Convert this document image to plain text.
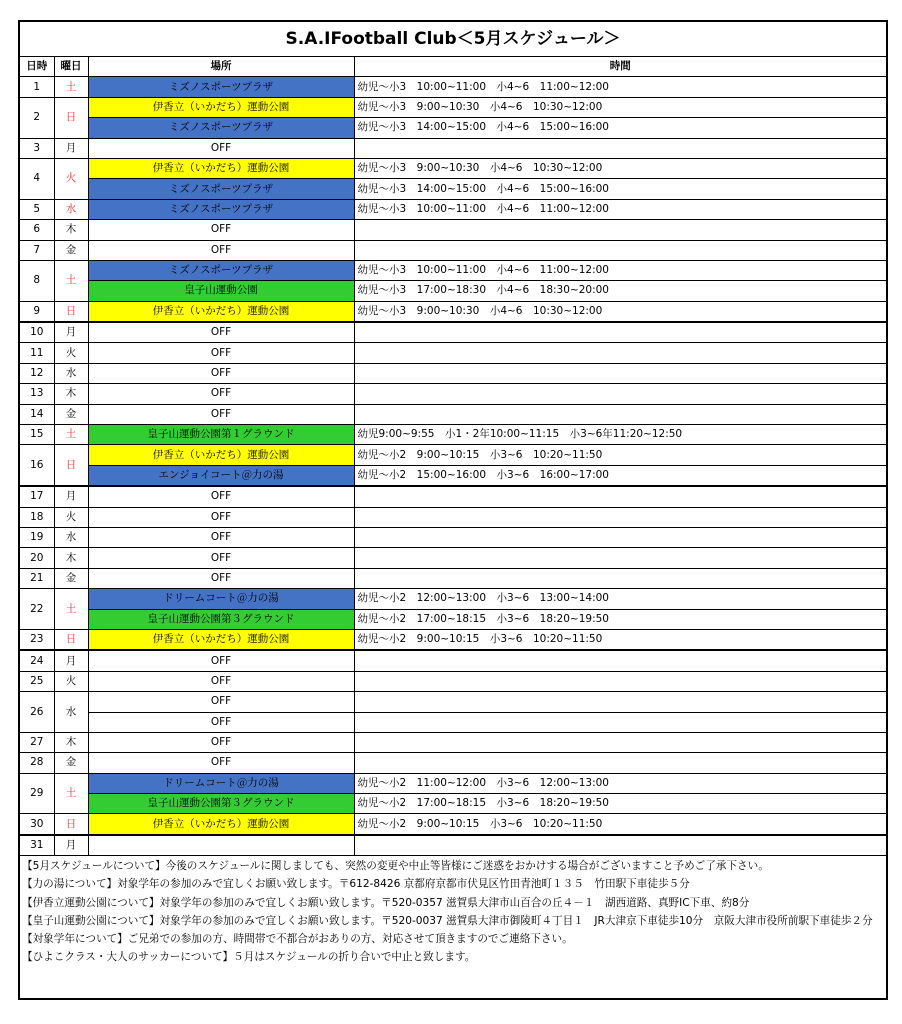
S.A.IFootball Club＜5月スケジュール＞
日時	曜日	場所	時間
1	土	ミズノスポーツプラザ	幼児～小3　10:00~11:00　小4~6　11:00~12:00
2	日	伊香立（いかだち）運動公園	幼児～小3　9:00~10:30　小4~6　10:30~12:00
		ミズノスポーツプラザ	幼児～小3　14:00~15:00　小4~6　15:00~16:00
3	月	OFF	
4	火	伊香立（いかだち）運動公園	幼児～小3　9:00~10:30　小4~6　10:30~12:00
		ミズノスポーツプラザ	幼児～小3　14:00~15:00　小4~6　15:00~16:00
5	水	ミズノスポーツプラザ	幼児～小3　10:00~11:00　小4~6　11:00~12:00
6	木	OFF	
7	金	OFF	
8	土	ミズノスポーツプラザ	幼児～小3　10:00~11:00　小4~6　11:00~12:00
		皇子山運動公園	幼児～小3　17:00~18:30　小4~6　18:30~20:00
9	日	伊香立（いかだち）運動公園	幼児～小3　9:00~10:30　小4~6　10:30~12:00
10	月	OFF	
11	火	OFF	
12	水	OFF	
13	木	OFF	
14	金	OFF	
15	土	皇子山運動公園第１グラウンド	幼児9:00~9:55　小1・2年10:00~11:15　小3~6年11:20~12:50
16	日	伊香立（いかだち）運動公園	幼児～小2　9:00~10:15　小3~6　10:20~11:50
		エンジョイコート＠力の湯	幼児～小2　15:00~16:00　小3~6　16:00~17:00
17	月	OFF	
18	火	OFF	
19	水	OFF	
20	木	OFF	
21	金	OFF	
22	土	ドリームコート＠力の湯	幼児～小2　12:00~13:00　小3~6　13:00~14:00
		皇子山運動公園第３グラウンド	幼児～小2　17:00~18:15　小3~6　18:20~19:50
23	日	伊香立（いかだち）運動公園	幼児～小2　9:00~10:15　小3~6　10:20~11:50
24	月	OFF	
25	火	OFF	
26	水	OFF	
		OFF	
27	木	OFF	
28	金	OFF	
29	土	ドリームコート＠力の湯	幼児～小2　11:00~12:00　小3~6　12:00~13:00
		皇子山運動公園第３グラウンド	幼児～小2　17:00~18:15　小3~6　18:20~19:50
30	日	伊香立（いかだち）運動公園	幼児～小2　9:00~10:15　小3~6　10:20~11:50
31	月		

【5月スケジュールについて】今後のスケジュールに関しましても、突然の変更や中止等皆様にご迷惑をおかけする場合がございますこと予めご了承下さい。

【力の湯について】対象学年の参加のみで宜しくお願い致します。〒612-8426 京都府京都市伏見区竹田青池町１３５　竹田駅下車徒歩５分

【伊香立運動公園について】対象学年の参加のみで宜しくお願い致します。〒520-0357 滋賀県大津市山百合の丘４－１　湖西道路、真野IC下車、約8分

【皇子山運動公園について】対象学年の参加のみで宜しくお願い致します。〒520-0037 滋賀県大津市御陵町４丁目１　JR大津京下車徒歩10分　京阪大津市役所前駅下車徒歩２分

【対象学年について】ご兄弟での参加の方、時間帯で不都合がおありの方、対応させて頂きますのでご連絡下さい。

【ひよこクラス・大人のサッカーについて】５月はスケジュールの折り合いで中止と致します。
